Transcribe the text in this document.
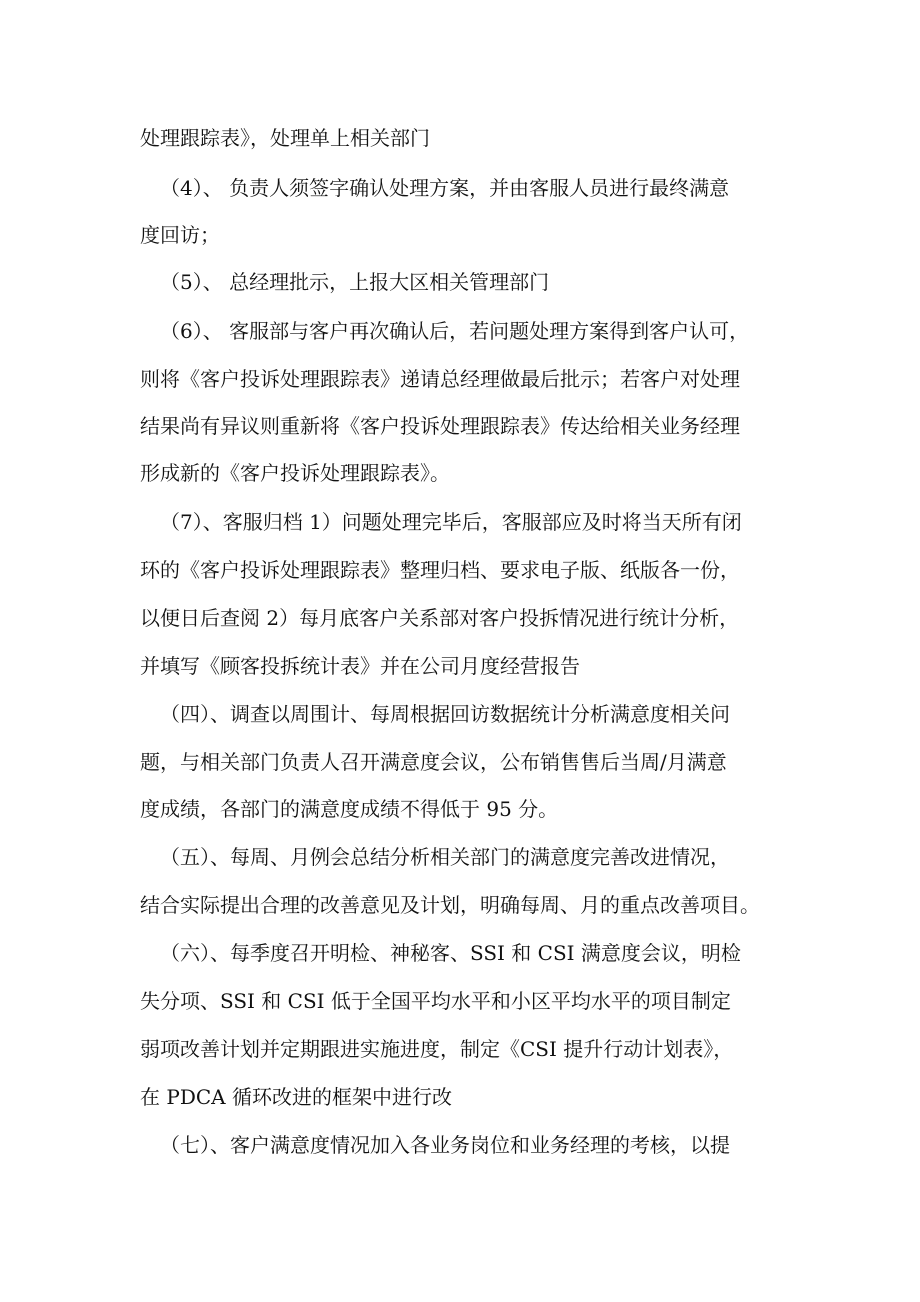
处理跟踪表》，处理单上相关部门
（4）、 负责人须签字确认处理方案，并由客服人员进行最终满意
度回访；
（5）、 总经理批示，上报大区相关管理部门
（6）、 客服部与客户再次确认后，若问题处理方案得到客户认可，
则将《客户投诉处理跟踪表》递请总经理做最后批示；若客户对处理
结果尚有异议则重新将《客户投诉处理跟踪表》传达给相关业务经理
形成新的《客户投诉处理跟踪表》。
（7）、客服归档 1）问题处理完毕后，客服部应及时将当天所有闭
环的《客户投诉处理跟踪表》整理归档、要求电子版、纸版各一份，
以便日后查阅 2）每月底客户关系部对客户投拆情况进行统计分析，
并填写《顾客投拆统计表》并在公司月度经营报告
（四）、调查以周围计、每周根据回访数据统计分析满意度相关问
题，与相关部门负责人召开满意度会议，公布销售售后当周/月满意
度成绩，各部门的满意度成绩不得低于 95 分。
（五）、每周、月例会总结分析相关部门的满意度完善改进情况，
结合实际提出合理的改善意见及计划，明确每周、月的重点改善项目。
（六）、每季度召开明检、神秘客、SSI 和 CSI 满意度会议，明检
失分项、SSI 和 CSI 低于全国平均水平和小区平均水平的项目制定
弱项改善计划并定期跟进实施进度，制定《CSI 提升行动计划表》，
在 PDCA 循环改进的框架中进行改
（七）、客户满意度情况加入各业务岗位和业务经理的考核，以提
